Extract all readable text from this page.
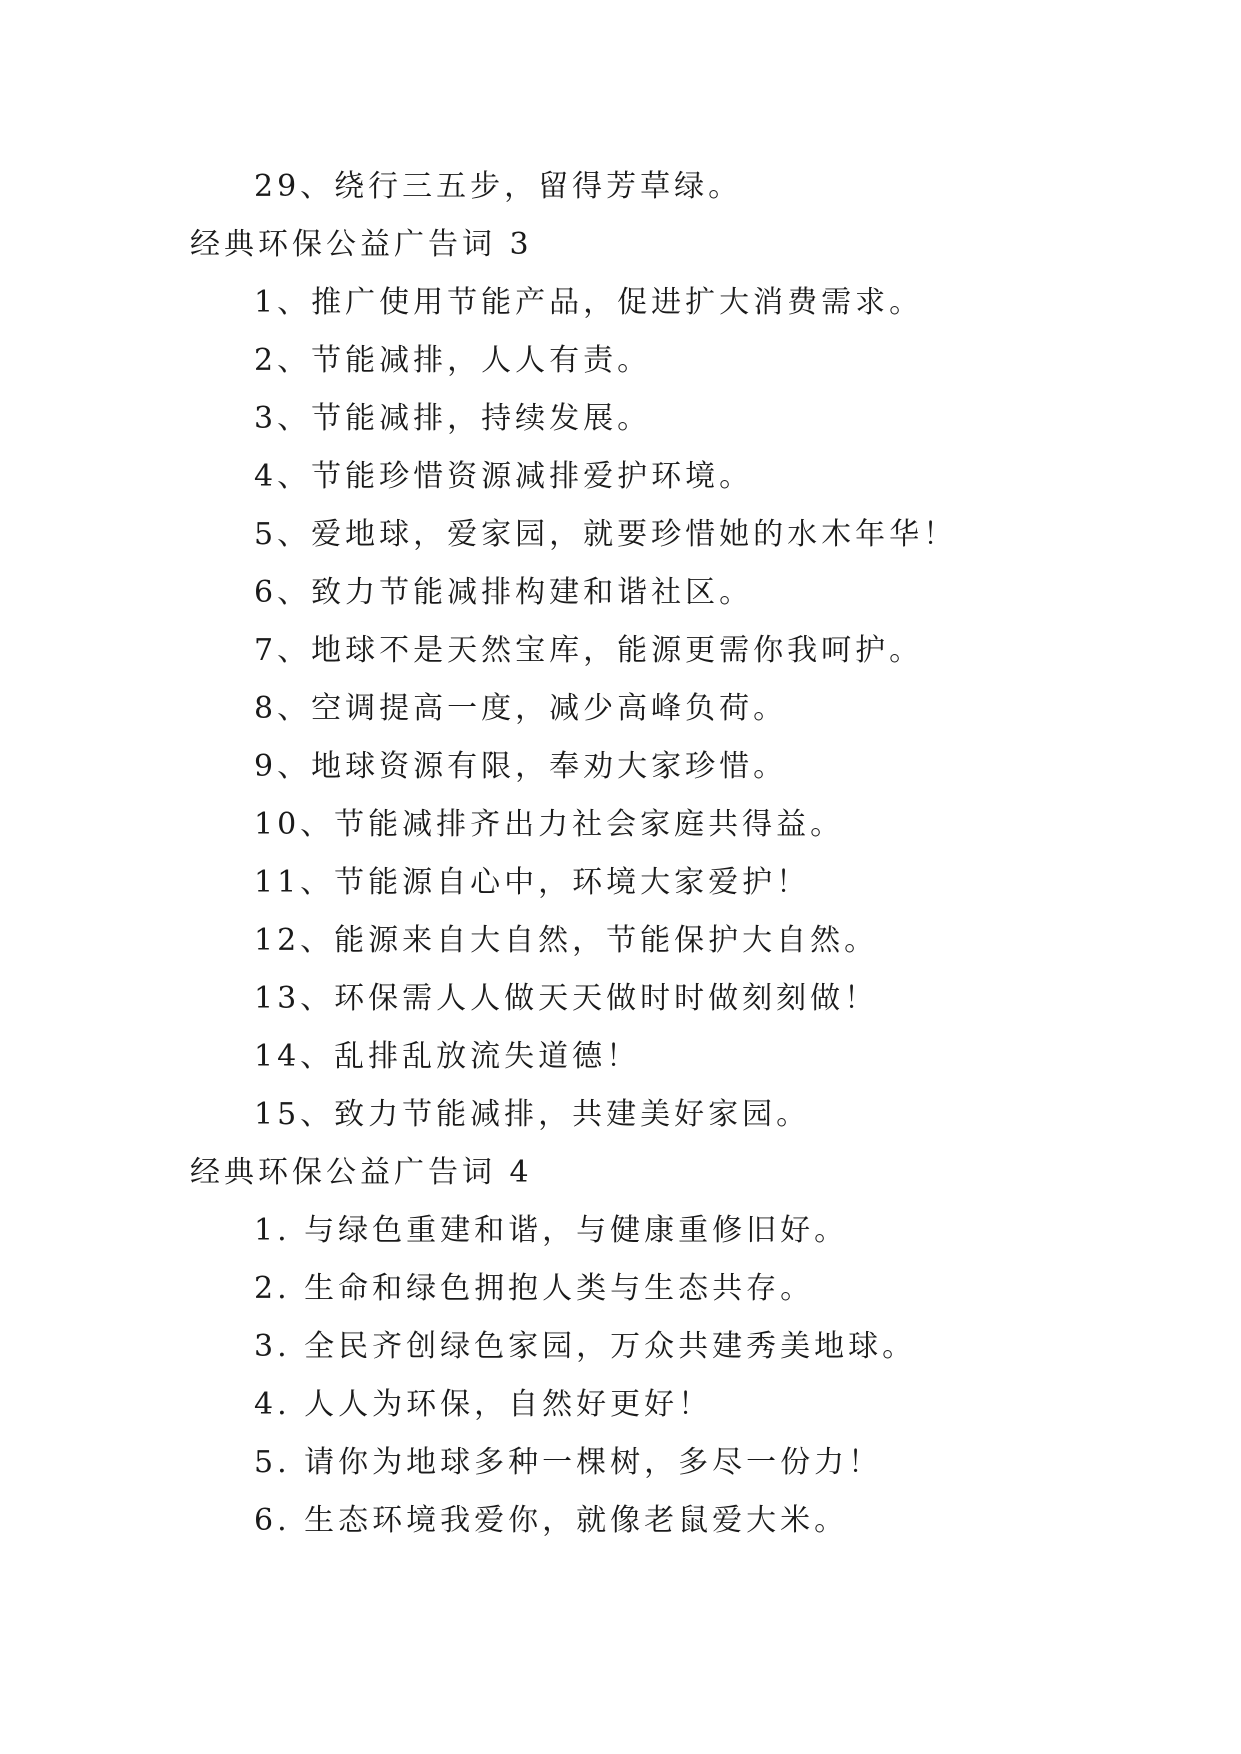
29、绕行三五步，留得芳草绿。
经典环保公益广告词 3
1、推广使用节能产品，促进扩大消费需求。
2、节能减排，人人有责。
3、节能减排，持续发展。
4、节能珍惜资源减排爱护环境。
5、爱地球，爱家园，就要珍惜她的水木年华！
6、致力节能减排构建和谐社区。
7、地球不是天然宝库，能源更需你我呵护。
8、空调提高一度，减少高峰负荷。
9、地球资源有限，奉劝大家珍惜。
10、节能减排齐出力社会家庭共得益。
11、节能源自心中，环境大家爱护！
12、能源来自大自然，节能保护大自然。
13、环保需人人做天天做时时做刻刻做！
14、乱排乱放流失道德！
15、致力节能减排，共建美好家园。
经典环保公益广告词 4
1. 与绿色重建和谐，与健康重修旧好。
2. 生命和绿色拥抱人类与生态共存。
3. 全民齐创绿色家园，万众共建秀美地球。
4. 人人为环保，自然好更好！
5. 请你为地球多种一棵树，多尽一份力！
6. 生态环境我爱你，就像老鼠爱大米。
